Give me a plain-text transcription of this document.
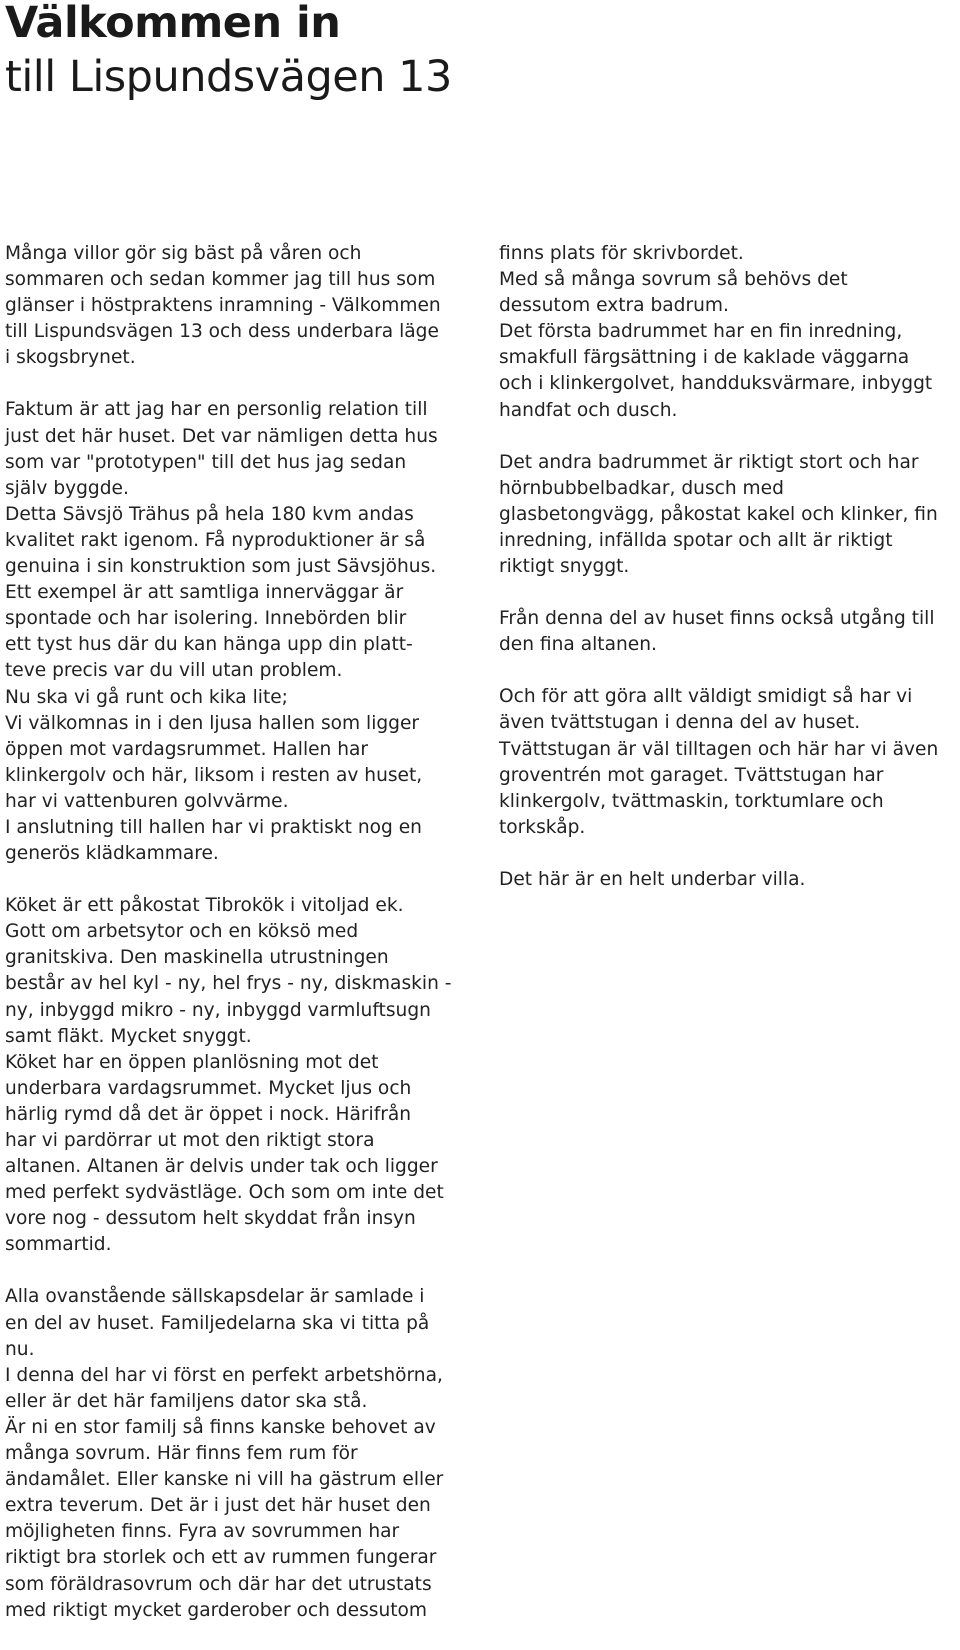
Välkommen in
till Lispundsvägen 13
Många villor gör sig bäst på våren och
sommaren och sedan kommer jag till hus som
glänser i höstpraktens inramning - Välkommen
till Lispundsvägen 13 och dess underbara läge
i skogsbrynet.
Faktum är att jag har en personlig relation till
just det här huset. Det var nämligen detta hus
som var "prototypen" till det hus jag sedan
själv byggde.
Detta Sävsjö Trähus på hela 180 kvm andas
kvalitet rakt igenom. Få nyproduktioner är så
genuina i sin konstruktion som just Sävsjöhus.
Ett exempel är att samtliga innerväggar är
spontade och har isolering. Innebörden blir
ett tyst hus där du kan hänga upp din platt-
teve precis var du vill utan problem.
Nu ska vi gå runt och kika lite;
Vi välkomnas in i den ljusa hallen som ligger
öppen mot vardagsrummet. Hallen har
klinkergolv och här, liksom i resten av huset,
har vi vattenburen golvvärme.
I anslutning till hallen har vi praktiskt nog en
generös klädkammare.
Köket är ett påkostat Tibrokök i vitoljad ek.
Gott om arbetsytor och en köksö med
granitskiva. Den maskinella utrustningen
består av hel kyl - ny, hel frys - ny, diskmaskin -
ny, inbyggd mikro - ny, inbyggd varmluftsugn
samt fläkt. Mycket snyggt.
Köket har en öppen planlösning mot det
underbara vardagsrummet. Mycket ljus och
härlig rymd då det är öppet i nock. Härifrån
har vi pardörrar ut mot den riktigt stora
altanen. Altanen är delvis under tak och ligger
med perfekt sydvästläge. Och som om inte det
vore nog - dessutom helt skyddat från insyn
sommartid.
Alla ovanstående sällskapsdelar är samlade i
en del av huset. Familjedelarna ska vi titta på
nu.
I denna del har vi först en perfekt arbetshörna,
eller är det här familjens dator ska stå.
Är ni en stor familj så finns kanske behovet av
många sovrum. Här finns fem rum för
ändamålet. Eller kanske ni vill ha gästrum eller
extra teverum. Det är i just det här huset den
möjligheten finns. Fyra av sovrummen har
riktigt bra storlek och ett av rummen fungerar
som föräldrasovrum och där har det utrustats
med riktigt mycket garderober och dessutom
finns plats för skrivbordet.
Med så många sovrum så behövs det
dessutom extra badrum.
Det första badrummet har en fin inredning,
smakfull färgsättning i de kaklade väggarna
och i klinkergolvet, handduksvärmare, inbyggt
handfat och dusch.
Det andra badrummet är riktigt stort och har
hörnbubbelbadkar, dusch med
glasbetongvägg, påkostat kakel och klinker, fin
inredning, infällda spotar och allt är riktigt
riktigt snyggt.
Från denna del av huset finns också utgång till
den fina altanen.
Och för att göra allt väldigt smidigt så har vi
även tvättstugan i denna del av huset.
Tvättstugan är väl tilltagen och här har vi även
groventrén mot garaget. Tvättstugan har
klinkergolv, tvättmaskin, torktumlare och
torkskåp.
Det här är en helt underbar villa.
